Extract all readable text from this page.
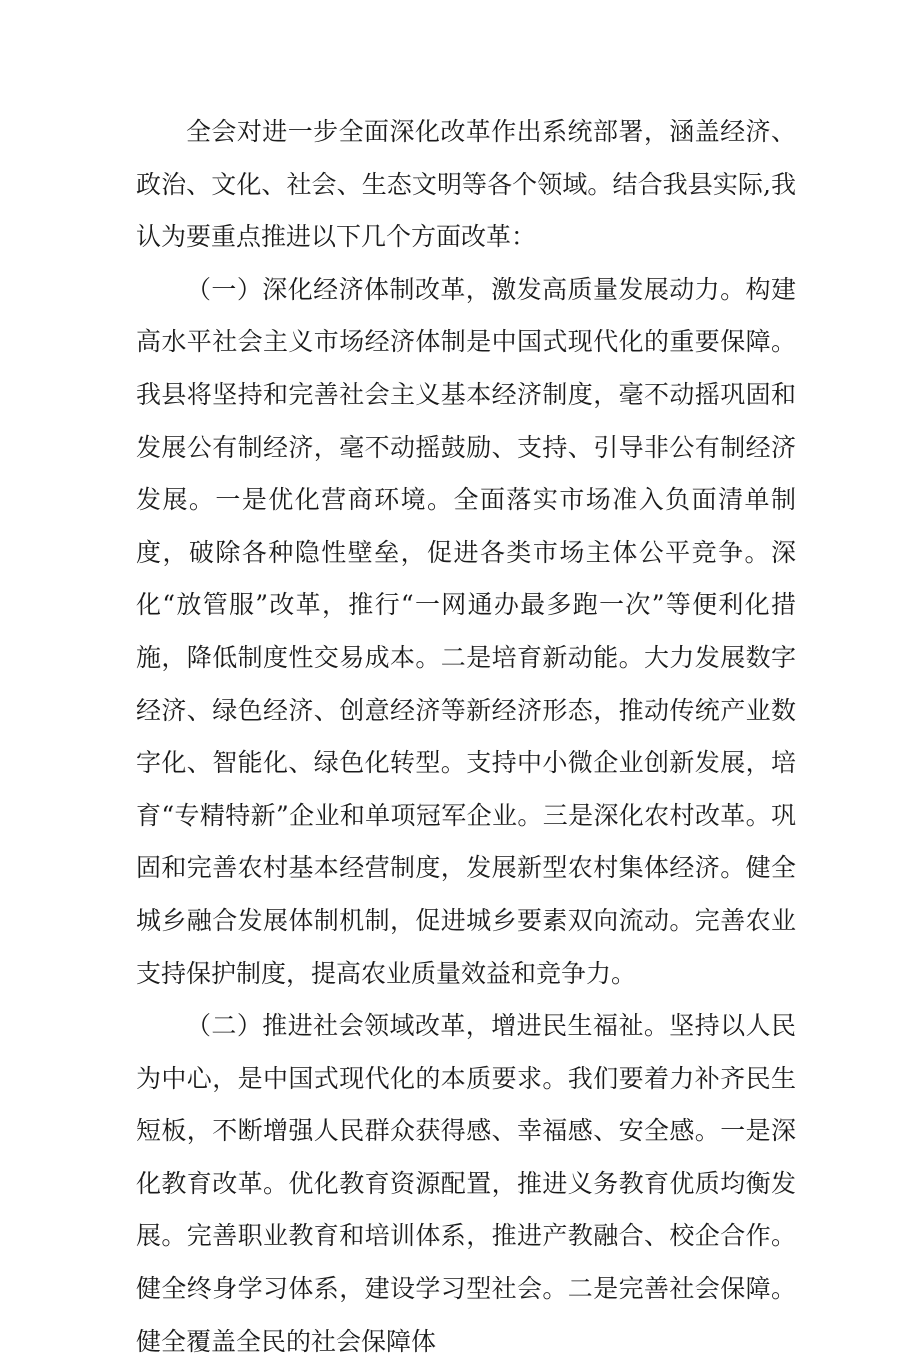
全会对进一步全面深化改革作出系统部署，涵盖经济、政治、文化、社会、生态文明等各个领域。结合我县实际,我认为要重点推进以下几个方面改革：

（一）深化经济体制改革，激发高质量发展动力。构建高水平社会主义市场经济体制是中国式现代化的重要保障。我县将坚持和完善社会主义基本经济制度，毫不动摇巩固和发展公有制经济，毫不动摇鼓励、支持、引导非公有制经济发展。一是优化营商环境。全面落实市场准入负面清单制度，破除各种隐性壁垒，促进各类市场主体公平竞争。深化“放管服”改革，推行“一网通办最多跑一次”等便利化措施，降低制度性交易成本。二是培育新动能。大力发展数字经济、绿色经济、创意经济等新经济形态，推动传统产业数字化、智能化、绿色化转型。支持中小微企业创新发展，培育“专精特新”企业和单项冠军企业。三是深化农村改革。巩固和完善农村基本经营制度，发展新型农村集体经济。健全城乡融合发展体制机制，促进城乡要素双向流动。完善农业支持保护制度，提高农业质量效益和竞争力。

（二）推进社会领域改革，增进民生福祉。坚持以人民为中心，是中国式现代化的本质要求。我们要着力补齐民生短板，不断增强人民群众获得感、幸福感、安全感。一是深化教育改革。优化教育资源配置，推进义务教育优质均衡发展。完善职业教育和培训体系，推进产教融合、校企合作。健全终身学习体系，建设学习型社会。二是完善社会保障。健全覆盖全民的社会保障体
